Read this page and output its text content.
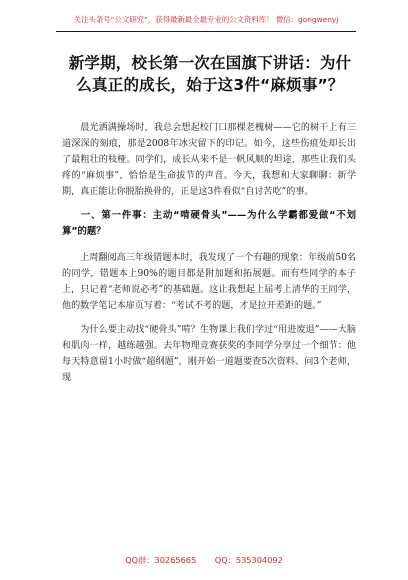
关注头条号“公文研究”，获得最新最全最专业的公文资料库！ 微信：gongwenyj
新学期，校长第一次在国旗下讲话：为什么真正的成长，始于这3件“麻烦事”？

晨光洒满操场时，我总会想起校门口那棵老槐树——它的树干上有三道深深的刻痕，那是2008年冰灾留下的印记。如今，这些伤痕处却长出了最粗壮的枝桠。同学们，成长从来不是一帆风顺的坦途，那些让我们头疼的“麻烦事”，恰恰是生命拔节的声音。今天，我想和大家聊聊：新学期，真正能让你脱胎换骨的，正是这3件看似“自讨苦吃”的事。

一、第一件事：主动“啃硬骨头”——为什么学霸都爱做“不划算”的题？

上周翻阅高三年级错题本时，我发现了一个有趣的现象：年级前50名的同学，错题本上90%的题目都是附加题和拓展题。而有些同学的本子上，只记着“老师说必考”的基础题。这让我想起上届考上清华的王同学，他的数学笔记本扉页写着：“考试不考的题，才是拉开差距的题。”

为什么要主动找“硬骨头”啃？生物课上我们学过“用进废退”——大脑和肌肉一样，越练越强。去年物理竞赛获奖的李同学分享过一个细节：他每天特意留1小时做“超纲题”，刚开始一道题要查5次资料、问3个老师，现

QQ群：30265665 QQ：535304092
